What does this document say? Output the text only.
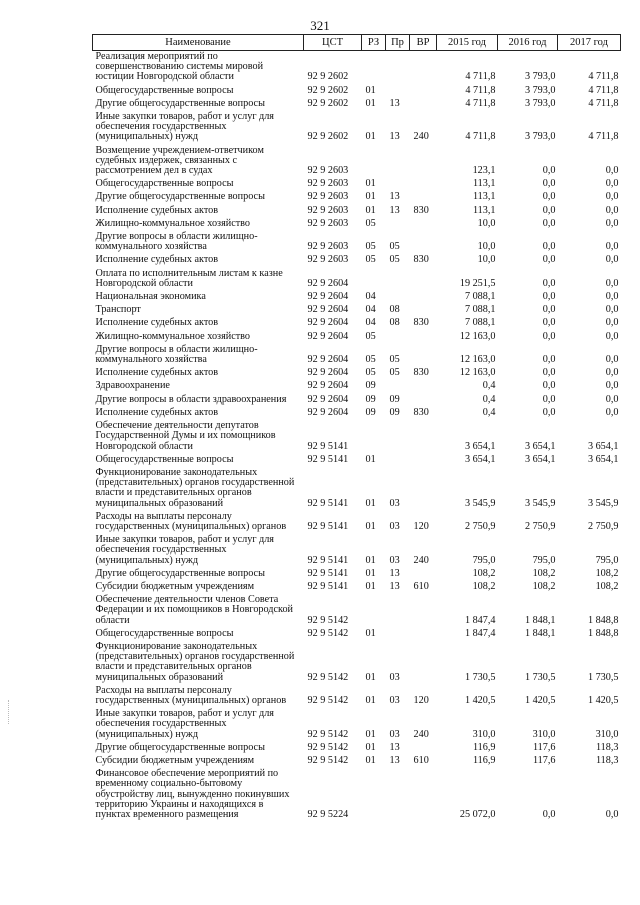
321
Наименование	ЦСТ	РЗ	Пр	ВР	2015 год	2016 год	2017 год
Реализация мероприятий по совершенствованию системы мировой юстиции Новгородской области	92 9 2602				4 711,8	3 793,0	4 711,8
Общегосударственные вопросы	92 9 2602	01			4 711,8	3 793,0	4 711,8
Другие общегосударственные вопросы	92 9 2602	01	13		4 711,8	3 793,0	4 711,8
Иные закупки товаров, работ и услуг для обеспечения государственных (муниципальных) нужд	92 9 2602	01	13	240	4 711,8	3 793,0	4 711,8
Возмещение учреждением-ответчиком судебных издержек, связанных с рассмотрением дел в судах	92 9 2603				123,1	0,0	0,0
Общегосударственные вопросы	92 9 2603	01			113,1	0,0	0,0
Другие общегосударственные вопросы	92 9 2603	01	13		113,1	0,0	0,0
Исполнение судебных актов	92 9 2603	01	13	830	113,1	0,0	0,0
Жилищно-коммунальное хозяйство	92 9 2603	05			10,0	0,0	0,0
Другие вопросы в области жилищно-коммунального хозяйства	92 9 2603	05	05		10,0	0,0	0,0
Исполнение судебных актов	92 9 2603	05	05	830	10,0	0,0	0,0
Оплата по исполнительным листам к казне Новгородской области	92 9 2604				19 251,5	0,0	0,0
Национальная экономика	92 9 2604	04			7 088,1	0,0	0,0
Транспорт	92 9 2604	04	08		7 088,1	0,0	0,0
Исполнение судебных актов	92 9 2604	04	08	830	7 088,1	0,0	0,0
Жилищно-коммунальное хозяйство	92 9 2604	05			12 163,0	0,0	0,0
Другие вопросы в области жилищно-коммунального хозяйства	92 9 2604	05	05		12 163,0	0,0	0,0
Исполнение судебных актов	92 9 2604	05	05	830	12 163,0	0,0	0,0
Здравоохранение	92 9 2604	09			0,4	0,0	0,0
Другие вопросы в области здравоохранения	92 9 2604	09	09		0,4	0,0	0,0
Исполнение судебных актов	92 9 2604	09	09	830	0,4	0,0	0,0
Обеспечение деятельности депутатов Государственной Думы и их помощников Новгородской области	92 9 5141				3 654,1	3 654,1	3 654,1
Общегосударственные вопросы	92 9 5141	01			3 654,1	3 654,1	3 654,1
Функционирование законодательных (представительных) органов государственной власти и представительных органов муниципальных образований	92 9 5141	01	03		3 545,9	3 545,9	3 545,9
Расходы на выплаты персоналу государственных (муниципальных) органов	92 9 5141	01	03	120	2 750,9	2 750,9	2 750,9
Иные закупки товаров, работ и услуг для обеспечения государственных (муниципальных) нужд	92 9 5141	01	03	240	795,0	795,0	795,0
Другие общегосударственные вопросы	92 9 5141	01	13		108,2	108,2	108,2
Субсидии бюджетным учреждениям	92 9 5141	01	13	610	108,2	108,2	108,2
Обеспечение деятельности членов Совета Федерации и их помощников в Новгородской области	92 9 5142				1 847,4	1 848,1	1 848,8
Общегосударственные вопросы	92 9 5142	01			1 847,4	1 848,1	1 848,8
Функционирование законодательных (представительных) органов государственной власти и представительных органов муниципальных образований	92 9 5142	01	03		1 730,5	1 730,5	1 730,5
Расходы на выплаты персоналу государственных (муниципальных) органов	92 9 5142	01	03	120	1 420,5	1 420,5	1 420,5
Иные закупки товаров, работ и услуг для обеспечения государственных (муниципальных) нужд	92 9 5142	01	03	240	310,0	310,0	310,0
Другие общегосударственные вопросы	92 9 5142	01	13		116,9	117,6	118,3
Субсидии бюджетным учреждениям	92 9 5142	01	13	610	116,9	117,6	118,3
Финансовое обеспечение мероприятий по временному социально-бытовому обустройству лиц, вынужденно покинувших территорию Украины и находящихся в пунктах временного размещения	92 9 5224				25 072,0	0,0	0,0
